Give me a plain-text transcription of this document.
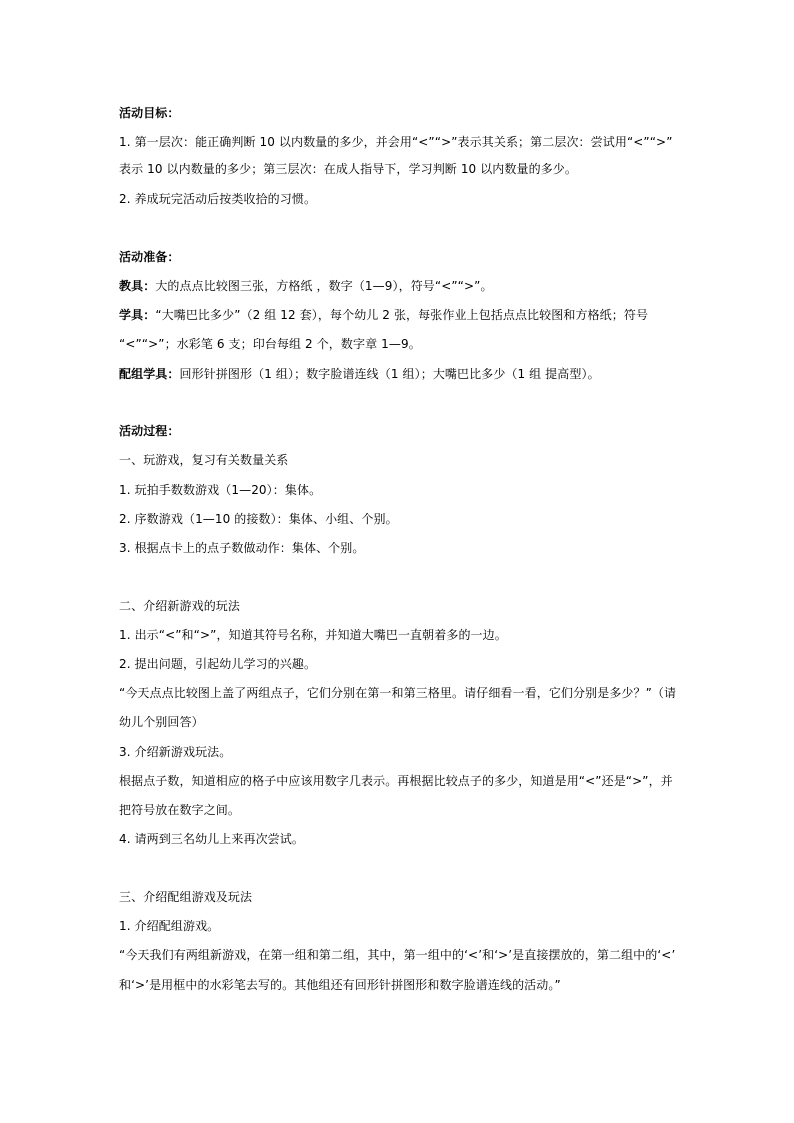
活动目标：
1. 第一层次：能正确判断 10 以内数量的多少，并会用“<”“>”表示其关系；第二层次：尝试用“<”“>”
表示 10 以内数量的多少；第三层次：在成人指导下，学习判断 10 以内数量的多少。
2. 养成玩完活动后按类收拾的习惯。
活动准备：
教具：大的点点比较图三张，方格纸 ，数字（1—9），符号“<”“>”。
学具：“大嘴巴比多少”（2 组 12 套），每个幼儿 2 张，每张作业上包括点点比较图和方格纸；符号
“<”“>”；水彩笔 6 支；印台每组 2 个，数字章 1—9。
配组学具：回形针拼图形（1 组）；数字脸谱连线（1 组）；大嘴巴比多少（1 组 提高型）。
活动过程：
一、玩游戏，复习有关数量关系
1. 玩拍手数数游戏（1—20）：集体。
2. 序数游戏（1—10 的接数）：集体、小组、个别。
3. 根据点卡上的点子数做动作：集体、个别。
二、介绍新游戏的玩法
1. 出示“<”和“>”，知道其符号名称，并知道大嘴巴一直朝着多的一边。
2. 提出问题，引起幼儿学习的兴趣。
“今天点点比较图上盖了两组点子，它们分别在第一和第三格里。请仔细看一看，它们分别是多少？”（请
幼儿个别回答）
3. 介绍新游戏玩法。
根据点子数，知道相应的格子中应该用数字几表示。再根据比较点子的多少，知道是用“<”还是“>”，并
把符号放在数字之间。
4. 请两到三名幼儿上来再次尝试。
三、介绍配组游戏及玩法
1. 介绍配组游戏。
“今天我们有两组新游戏，在第一组和第二组，其中，第一组中的‘<’和‘>’是直接摆放的，第二组中的‘<’
和‘>’是用框中的水彩笔去写的。其他组还有回形针拼图形和数字脸谱连线的活动。”
